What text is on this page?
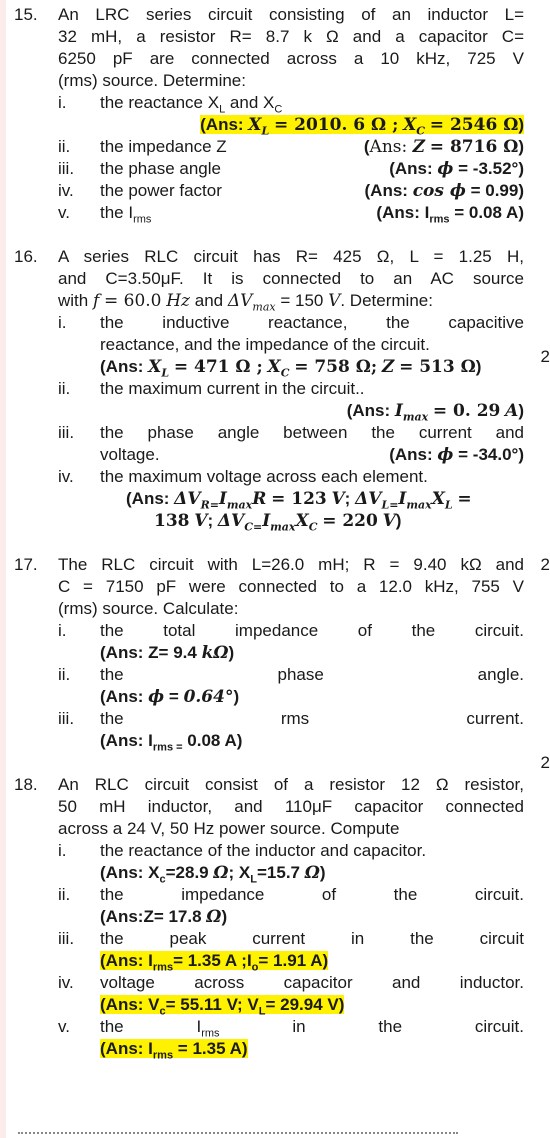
15.	An LRC series circuit consisting of an inductor L=
32 mH, a resistor R= 8.7 k Ω and a capacitor C=
6250 pF are connected across a 10 kHz, 725 V
(rms) source. Determine:
i.	the reactance $X_L$ and $X_C$
(Ans: $X_L = 2010$. 6 Ω ; $X_C = 2546$ Ω)
ii.	the impedance Z	(Ans: Z = 8716 Ω)
iii.	the phase angle	(Ans: ϕ = -3.52°)
iv.	the power factor	(Ans: cos ϕ = 0.99)
v.	the $I_{rms}$	(Ans: $I_{rms} = 0.08$ A)
16.	A series RLC circuit has R= 425 Ω, L = 1.25 H,
and C=3.50μF. It is connected to an AC source
with f = 60.0 Hz and $\Delta V_{max} = 150$ V. Determine:
i.	the inductive reactance, the capacitive
reactance, and the impedance of the circuit.
(Ans: $X_L = 471$ Ω ; $X_C = 758$ Ω; Z = 513 Ω)
2
ii.	the maximum current in the circuit..
(Ans: $I_{max} = 0$. 29 A)
iii.	the phase angle between the current and
voltage.	(Ans: ϕ = -34.0°)
iv.	the maximum voltage across each element.
(Ans: $\Delta V_{R=}I_{max}R = 123$ V; $\Delta V_{L=}I_{max}X_L$ =
138 V; $\Delta V_{C=}I_{max}X_C = 220$ V)
17.	The RLC circuit with L=26.0 mH; R = 9.40 kΩ and 2
C = 7150 pF were connected to a 12.0 kHz, 755 V
(rms) source. Calculate:
i.	the total impedance of the circuit.
(Ans: Z= 9.4 kΩ)
ii.	the phase angle.
(Ans: ϕ = 0.64°)
iii.	the rms current.
(Ans: $I_{rms =}$ 0.08 A)
2
18.	An RLC circuit consist of a resistor 12 Ω resistor,
50 mH inductor, and 110μF capacitor connected
across a 24 V, 50 Hz power source. Compute
i.	the reactance of the inductor and capacitor.
(Ans: $X_c=28.9$ Ω; $X_L=15.7$ Ω)
ii.	the impedance of the circuit.
(Ans:Z= 17.8 Ω)
iii.	the peak current in the circuit
(Ans: $I_{rms}= 1.35$ A $;I_o= 1.91$ A)
iv.	voltage across capacitor and inductor.
(Ans: $V_c= 55.11$ V; $V_L= 29.94$ V)
v.	the $I_{rms}$ in the circuit.
(Ans: $I_{rms} = 1.35$ A)
